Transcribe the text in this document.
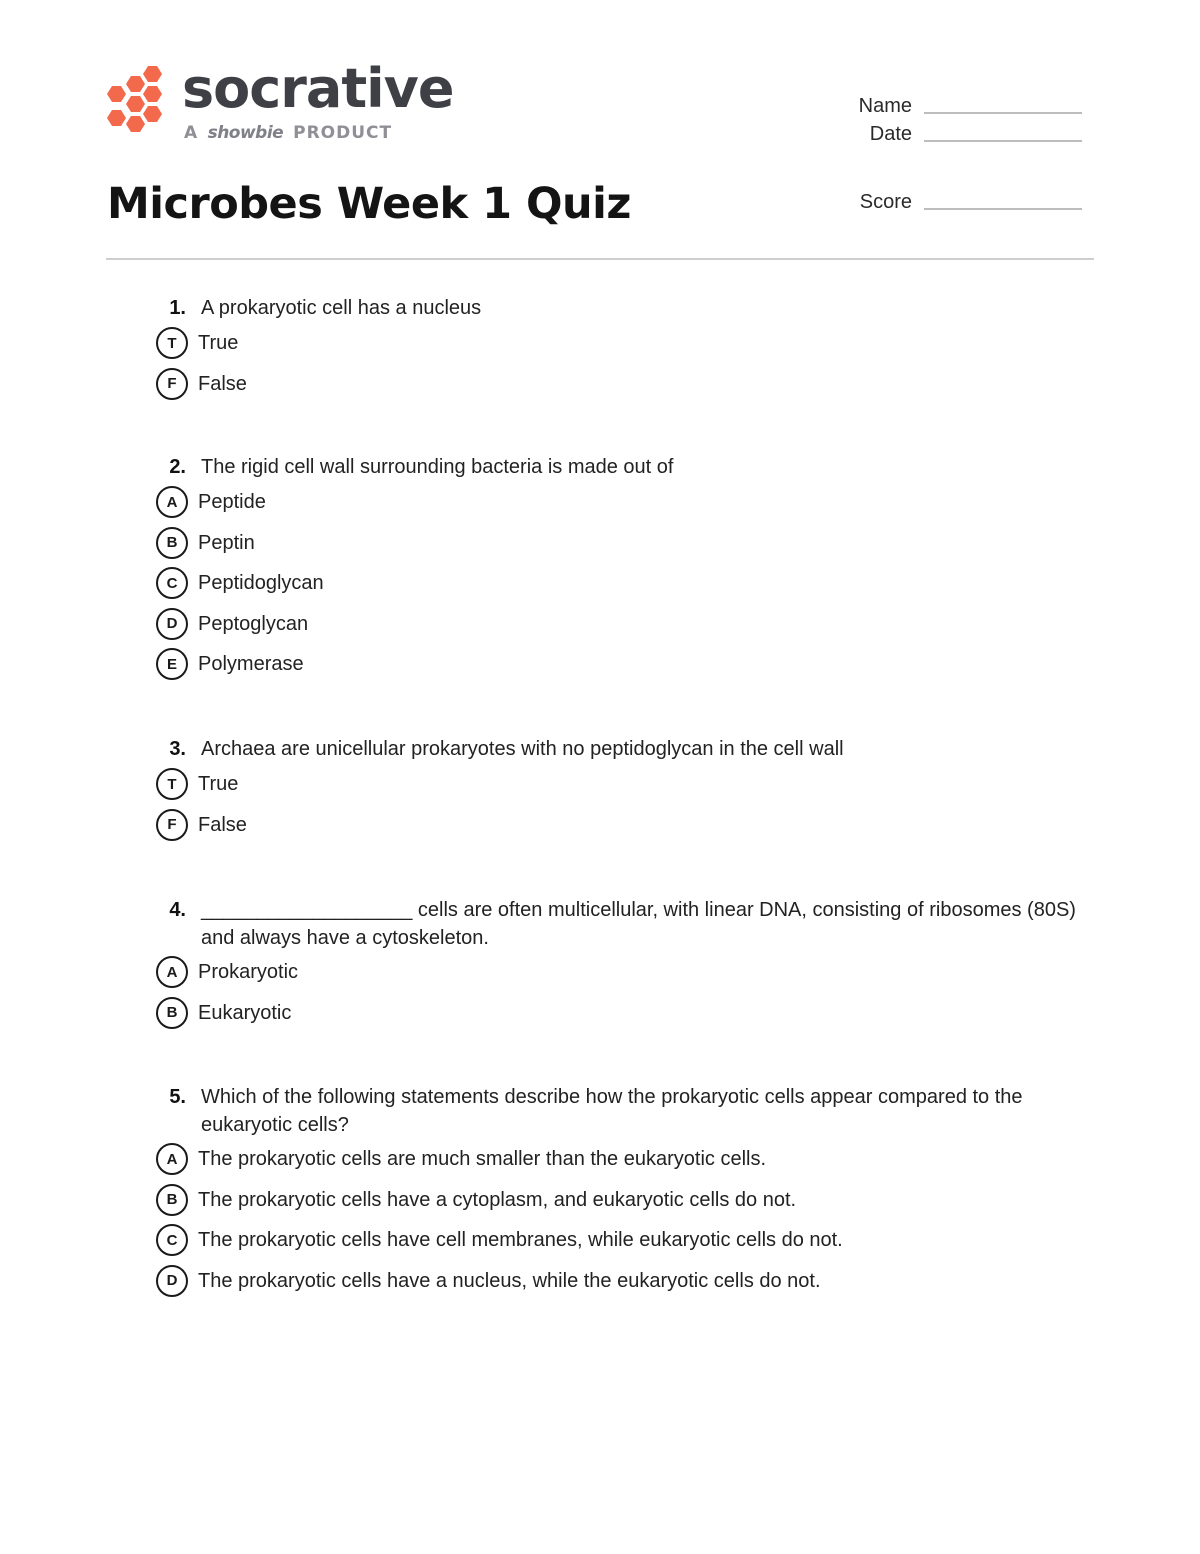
socrative
A showbie PRODUCT
Name
Date
Score
Microbes Week 1 Quiz
1. A prokaryotic cell has a nucleus
T	True
F	False
2. The rigid cell wall surrounding bacteria is made out of
A	Peptide
B	Peptin
C	Peptidoglycan
D	Peptoglycan
E	Polymerase
3. Archaea are unicellular prokaryotes with no peptidoglycan in the cell wall
T	True
F	False
4. ___________________ cells are often multicellular, with linear DNA, consisting of ribosomes (80S) and always have a cytoskeleton.
A	Prokaryotic
B	Eukaryotic
5. Which of the following statements describe how the prokaryotic cells appear compared to the eukaryotic cells?
A	The prokaryotic cells are much smaller than the eukaryotic cells.
B	The prokaryotic cells have a cytoplasm, and eukaryotic cells do not.
C	The prokaryotic cells have cell membranes, while eukaryotic cells do not.
D	The prokaryotic cells have a nucleus, while the eukaryotic cells do not.
